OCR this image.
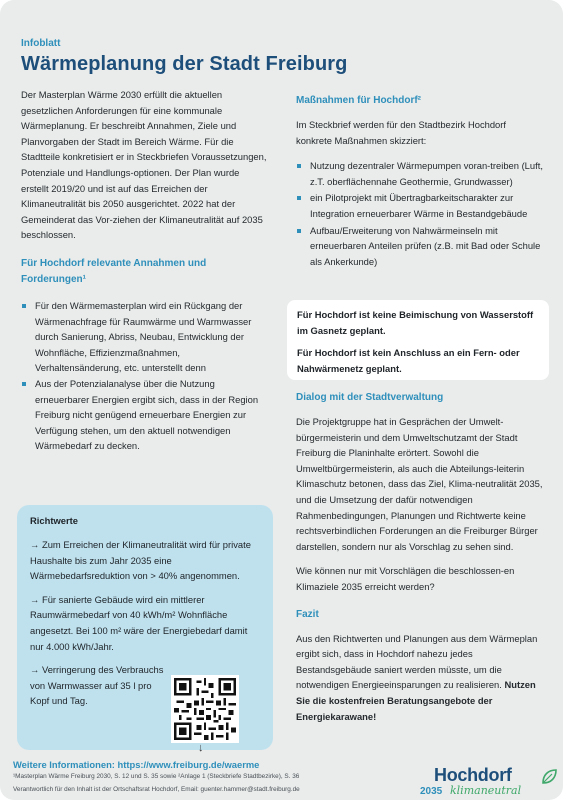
Infoblatt
Wärmeplanung der Stadt Freiburg

Der Masterplan Wärme 2030 erfüllt die aktuellen gesetzlichen Anforderungen für eine kommunale Wärmeplanung. Er beschreibt Annahmen, Ziele und Planvorgaben der Stadt im Bereich Wärme. Für die Stadtteile konkretisiert er in Steckbriefen Voraussetzungen, Potenziale und Handlungs-optionen. Der Plan wurde erstellt 2019/20 und ist auf das Erreichen der Klimaneutralität bis 2050 ausgerichtet. 2022 hat der Gemeinderat das Vor-ziehen der Klimaneutralität auf 2035 beschlossen.

Für Hochdorf relevante Annahmen und Forderungen¹
Für den Wärmemasterplan wird ein Rückgang der Wärmenachfrage für Raumwärme und Warmwasser durch Sanierung, Abriss, Neubau, Entwicklung der Wohnfläche, Effizienzmaßnahmen, Verhaltensänderung, etc. unterstellt denn
Aus der Potenzialanalyse über die Nutzung erneuerbarer Energien ergibt sich, dass in der Region Freiburg nicht genügend erneuerbare Energien zur Verfügung stehen, um den aktuell notwendigen Wärmebedarf zu decken.
Richtwerte
→ Zum Erreichen der Klimaneutralität wird für private Haushalte bis zum Jahr 2035 eine Wärmebedarfsreduktion von > 40% angenommen.
→ Für sanierte Gebäude wird ein mittlerer Raumwärmebedarf von 40 kWh/m² Wohnfläche angesetzt. Bei 100 m² wäre der Energiebedarf damit nur 4.000 kWh/Jahr.
→ Verringerung des Verbrauchs von Warmwasser auf 35 l pro Kopf und Tag.
↓
Maßnahmen für Hochdorf²

Im Steckbrief werden für den Stadtbezirk Hochdorf konkrete Maßnahmen skizziert:

Nutzung dezentraler Wärmepumpen voran-treiben (Luft, z.T. oberflächennahe Geothermie, Grundwasser)
ein Pilotprojekt mit Übertragbarkeitscharakter zur Integration erneuerbarer Wärme in Bestandgebäude
Aufbau/Erweiterung von Nahwärmeinseln mit erneuerbaren Anteilen prüfen (z.B. mit Bad oder Schule als Ankerkunde)

Für Hochdorf ist keine Beimischung von Wasserstoff im Gasnetz geplant.

Für Hochdorf ist kein Anschluss an ein Fern- oder Nahwärmenetz geplant.

Dialog mit der Stadtverwaltung

Die Projektgruppe hat in Gesprächen der Umwelt-bürgermeisterin und dem Umweltschutzamt der Stadt Freiburg die Planinhalte erörtert. Sowohl die Umweltbürgermeisterin, als auch die Abteilungs-leiterin Klimaschutz betonen, dass das Ziel, Klima-neutralität 2035, und die Umsetzung der dafür notwendigen Rahmenbedingungen, Planungen und Richtwerte keine rechtsverbindlichen Forderungen an die Freiburger Bürger darstellen, sondern nur als Vorschlag zu sehen sind.

Wie können nur mit Vorschlägen die beschlossen-en Klimaziele 2035 erreicht werden?

Fazit

Aus den Richtwerten und Planungen aus dem Wärmeplan ergibt sich, dass in Hochdorf nahezu jedes Bestandsgebäude saniert werden müsste, um die notwendigen Energieeinsparungen zu realisieren. Nutzen Sie die kostenfreien Beratungsangebote der Energiekarawane!

Weitere Informationen: https://www.freiburg.de/waerme
¹Masterplan Wärme Freiburg 2030, S. 12 und S. 35 sowie ²Anlage 1 (Steckbriefe Stadtbezirke), S. 36
Verantwortlich für den Inhalt ist der Ortschaftsrat Hochdorf, Email: guenter.hammer@stadt.freiburg.de
Hochdorf
2035 klimaneutral
